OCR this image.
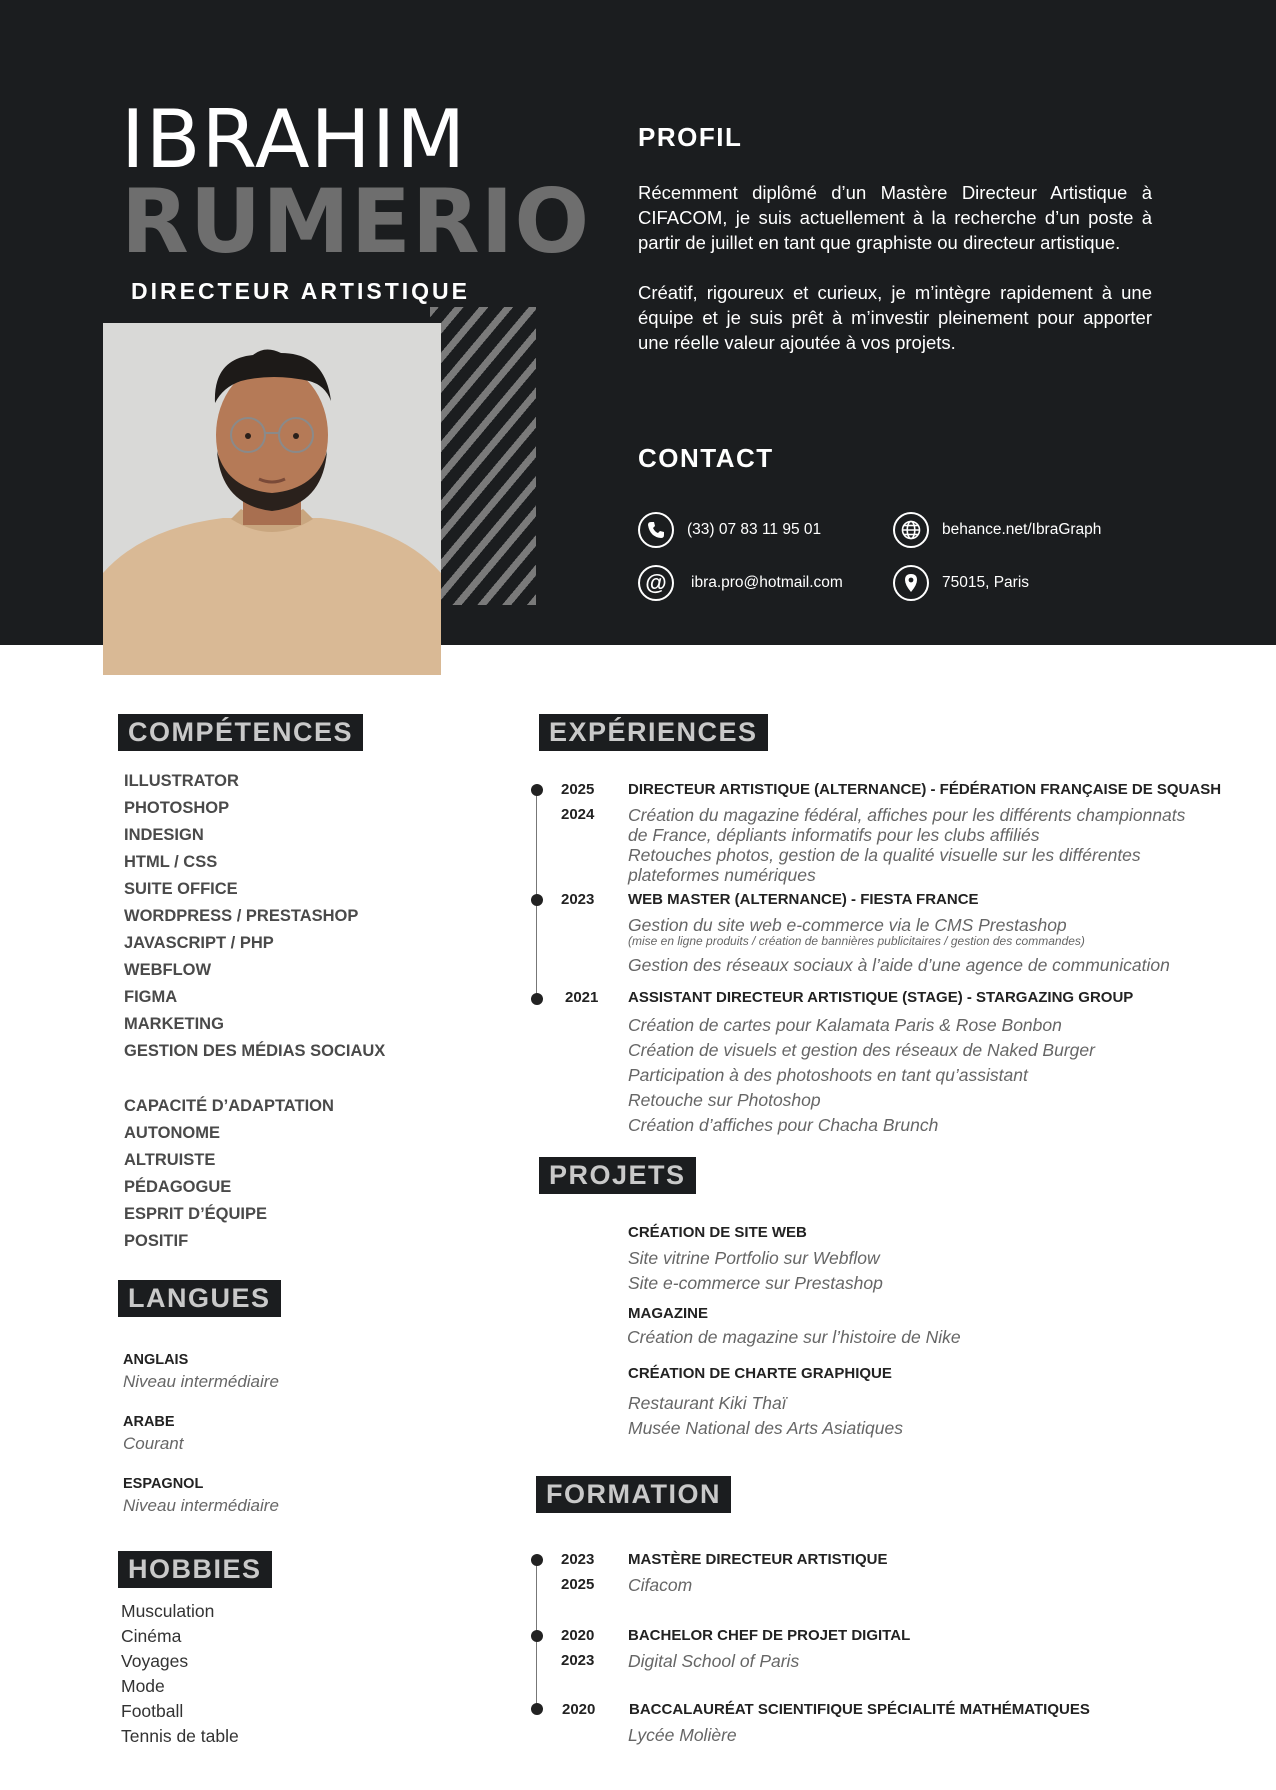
IBRAHIM
RUMERIO
DIRECTEUR ARTISTIQUE
PROFIL

Récemment diplômé d’un Mastère Directeur Artistique à CIFACOM, je suis actuellement à la recherche d’un poste à partir de juillet en tant que graphiste ou directeur artistique.

Créatif, rigoureux et curieux, je m’intègre rapidement à une équipe et je suis prêt à m’investir pleinement pour apporter une réelle valeur ajoutée à vos projets.

CONTACT
(33) 07 83 11 95 01	behance.net/IbraGraph
@ ibra.pro@hotmail.com	75015, Paris
COMPÉTENCES
ILLUSTRATOR
PHOTOSHOP
INDESIGN
HTML / CSS
SUITE OFFICE
WORDPRESS / PRESTASHOP
JAVASCRIPT / PHP
WEBFLOW
FIGMA
MARKETING
GESTION DES MÉDIAS SOCIAUX
CAPACITÉ D’ADAPTATION
AUTONOME
ALTRUISTE
PÉDAGOGUE
ESPRIT D’ÉQUIPE
POSITIF
LANGUES
ANGLAIS
Niveau intermédiaire
ARABE
Courant
ESPAGNOL
Niveau intermédiaire
HOBBIES
Musculation
Cinéma
Voyages
Mode
Football
Tennis de table
EXPÉRIENCES
2025
2024
DIRECTEUR ARTISTIQUE (ALTERNANCE) - FÉDÉRATION FRANÇAISE DE SQUASH
Création du magazine fédéral, affiches pour les différents championnats
de France, dépliants informatifs pour les clubs affiliés
Retouches photos, gestion de la qualité visuelle sur les différentes
plateformes numériques
2023 WEB MASTER (ALTERNANCE) - FIESTA FRANCE
Gestion du site web e-commerce via le CMS Prestashop
(mise en ligne produits / création de bannières publicitaires / gestion des commandes)
Gestion des réseaux sociaux à l’aide d’une agence de communication
2021 ASSISTANT DIRECTEUR ARTISTIQUE (STAGE) - STARGAZING GROUP
Création de cartes pour Kalamata Paris & Rose Bonbon
Création de visuels et gestion des réseaux de Naked Burger
Participation à des photoshoots en tant qu’assistant
Retouche sur Photoshop
Création d’affiches pour Chacha Brunch
PROJETS
CRÉATION DE SITE WEB
Site vitrine Portfolio sur Webflow
Site e-commerce sur Prestashop
MAGAZINE
Création de magazine sur l’histoire de Nike
CRÉATION DE CHARTE GRAPHIQUE
Restaurant Kiki Thaï
Musée National des Arts Asiatiques
FORMATION
2023
2025
MASTÈRE DIRECTEUR ARTISTIQUE
Cifacom
2020
2023
BACHELOR CHEF DE PROJET DIGITAL
Digital School of Paris
2020 BACCALAURÉAT SCIENTIFIQUE SPÉCIALITÉ MATHÉMATIQUES
Lycée Molière
